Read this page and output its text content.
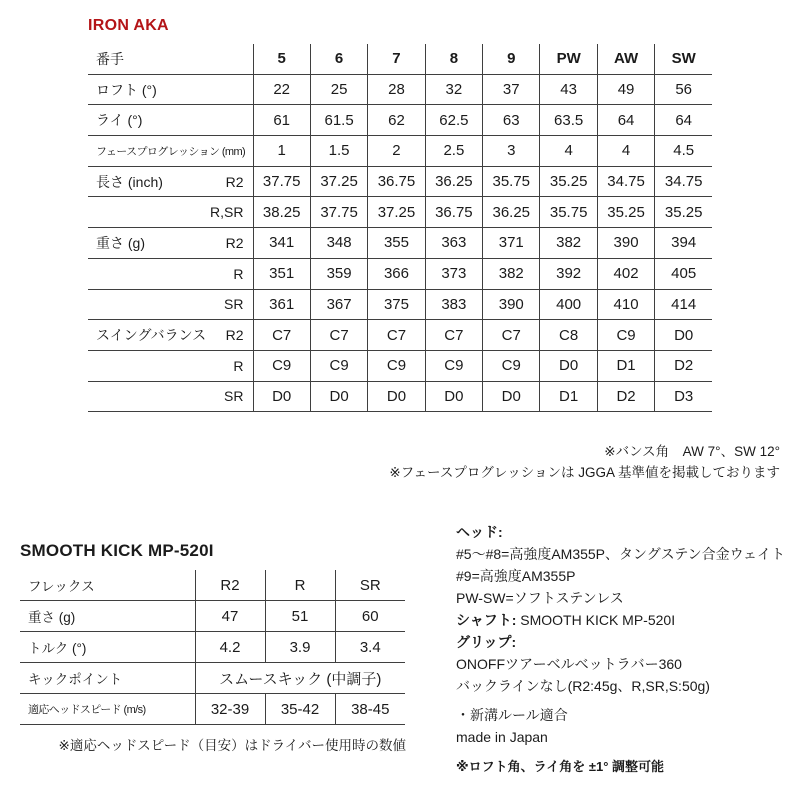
IRON AKA
番手	5	6	7	8	9	PW	AW	SW

ロフト (°)	22	25	28	32	37	43	49	56

ライ (°)	61	61.5	62	62.5	63	63.5	64	64

フェースプログレッション (mm)	1	1.5	2	2.5	3	4	4	4.5

長さ (inch) R2	37.75	37.25	36.75	36.25	35.75	35.25	34.75	34.75

R,SR	38.25	37.75	37.25	36.75	36.25	35.75	35.25	35.25

重さ (g) R2	341	348	355	363	371	382	390	394

R	351	359	366	373	382	392	402	405

SR	361	367	375	383	390	400	410	414

スイングバランス R2	C7	C7	C7	C7	C7	C8	C9	D0

R	C9	C9	C9	C9	C9	D0	D1	D2

SR	D0	D0	D0	D0	D0	D1	D2	D3
※バンス角　AW 7°、SW 12°
※フェースプログレッションは JGGA 基準値を掲載しております
SMOOTH KICK MP-520I
フレックス	R2	R	SR

重さ (g)	47	51	60

トルク (°)	4.2	3.9	3.4

キックポイント	スムースキック (中調子)		

適応ヘッドスピード (m/s)	32-39	35-42	38-45
※適応ヘッドスピード（目安）はドライバー使用時の数値
ヘッド:
#5～#8=高強度AM355P、タングステン合金ウェイト
#9=高強度AM355P
PW-SW=ソフトステンレス
シャフト: SMOOTH KICK MP-520I
グリップ:
ONOFFツアーベルベットラバー360
バックラインなし(R2:45g、R,SR,S:50g)
・新溝ルール適合
made in Japan
※ロフト角、ライ角を ±1° 調整可能
